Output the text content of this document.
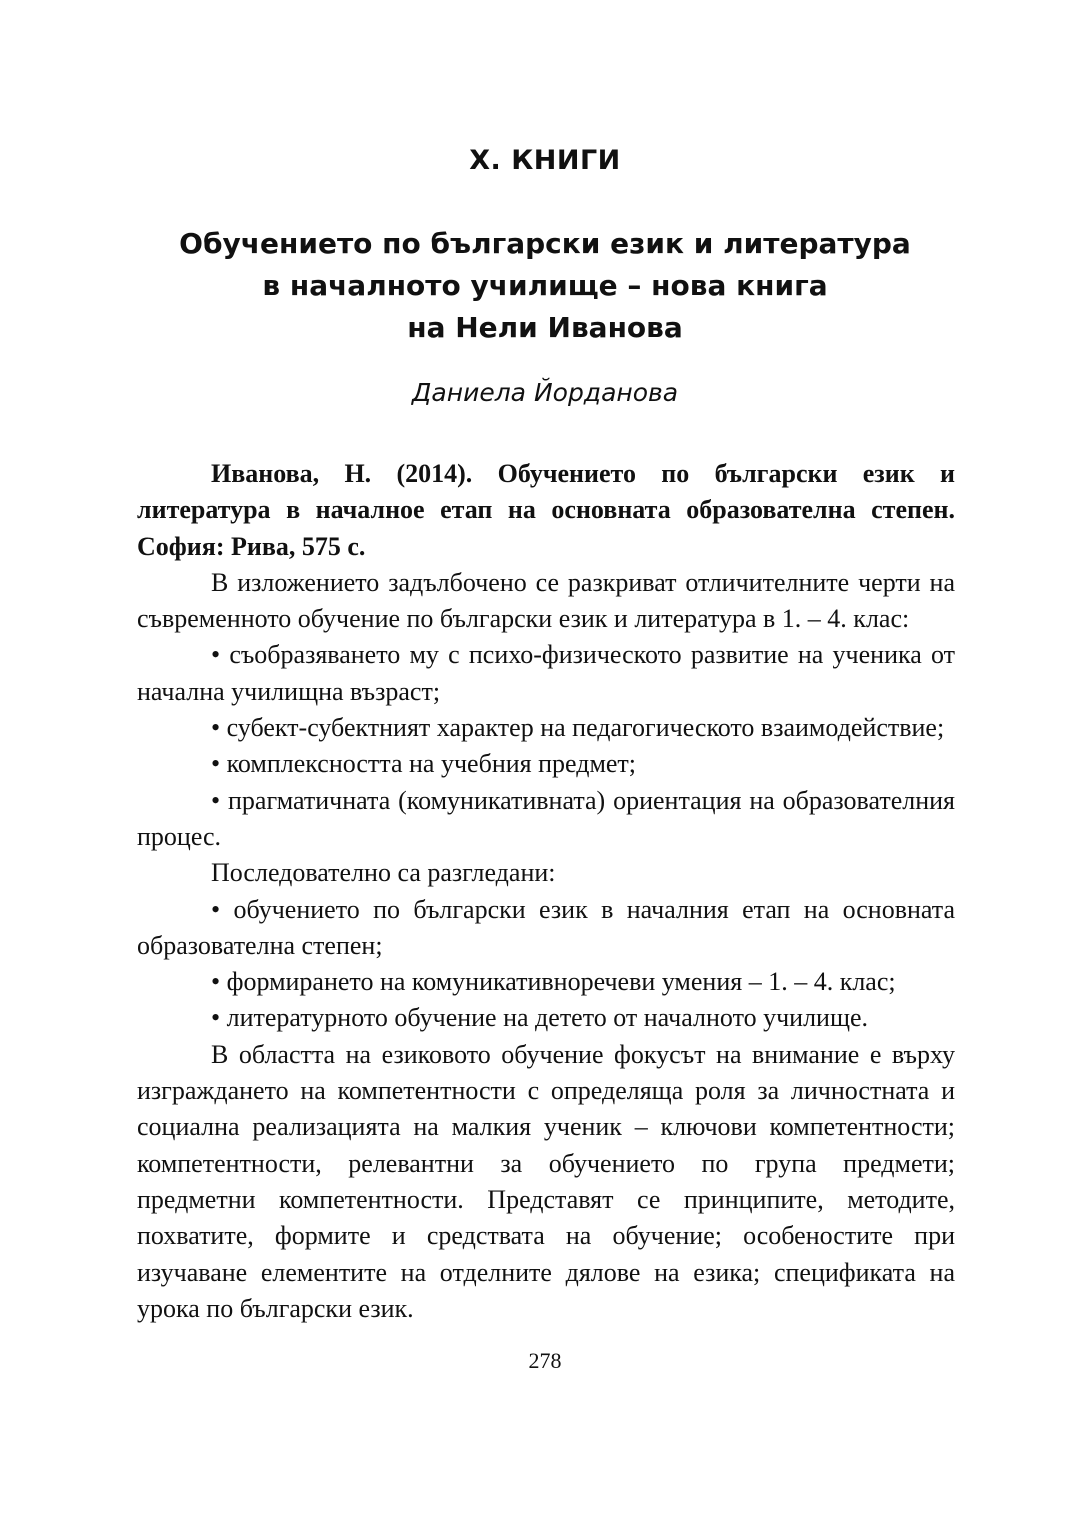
X. КНИГИ
Обучението по български език и литература
в началното училище – нова книга
на Нели Иванова

Даниела Йорданова

Иванова, Н. (2014). Обучението по български език и литература в началное етап на основната образователна степен. София: Рива, 575 с.

В изложението задълбочено се разкриват отличителните черти на съвременното обучение по български език и литература в 1. – 4. клас:

• съобразяването му с психо-физическото развитие на ученика от начална училищна възраст;

• субект-субектният характер на педагогическото взаимодействие;

• комплексността на учебния предмет;

• прагматичната (комуникативната) ориентация на образователния процес.

Последователно са разгледани:

• обучението по български език в началния етап на основната образователна степен;

• формирането на комуникативноречеви умения – 1. – 4. клас;

• литературното обучение на детето от началното училище.

В областта на езиковото обучение фокусът на внимание е върху изграждането на компетентности с определяща роля за личностната и социална реализацията на малкия ученик – ключови компетентности; компетентности, релевантни за обучението по група предмети; предметни компетентности. Представят се принципите, методите, похватите, формите и средствата на обучение; особеностите при изучаване елементите на отделните дялове на езика; спецификата на урока по български език.

278
